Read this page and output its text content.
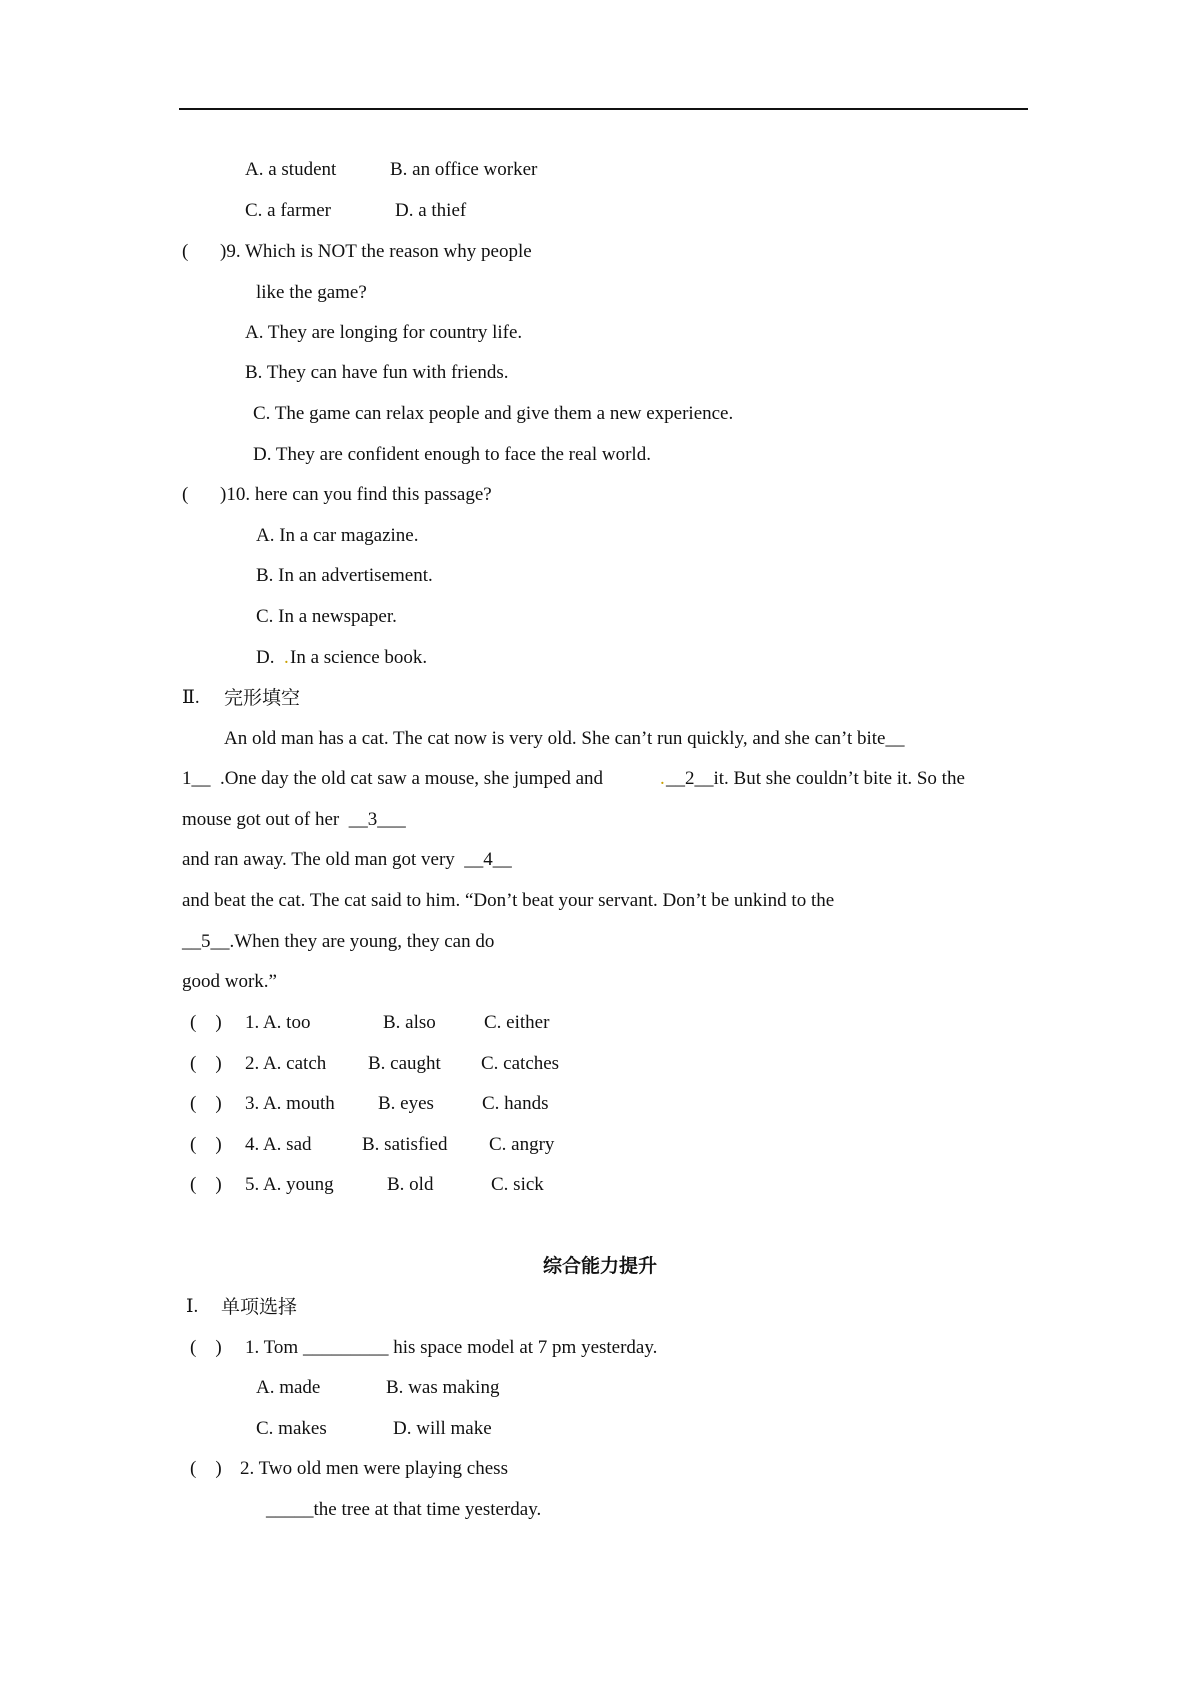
A. a student	B. an office worker
C. a farmer	D. a thief
( )9. Which is NOT the reason why people
like the game?
A. They are longing for country life.
B. They can have fun with friends.
C. The game can relax people and give them a new experience.
D. They are confident enough to face the real world.
( )10. here can you find this passage?
A. In a car magazine.
B. In an advertisement.
C. In a newspaper.
D. . In a science book.
Ⅱ. 完形填空
An old man has a cat. The cat now is very old. She can’t run quickly, and she can’t bite__
1__  .One day the old cat saw a mouse, she jumped and	. __2__it. But she couldn’t bite it. So the
mouse got out of her  __3___
and ran away. The old man got very  __4__
and beat the cat. The cat said to him. “Don’t beat your servant. Don’t be unkind to the
__5__.When they are young, they can do
good work.”
(    ) 1. A. too	B. also	C. either
(    ) 2. A. catch B. caught C. catches
(    ) 3. A. mouth B. eyes	C. hands
(    ) 4. A. sad	B. satisfied C. angry
(    ) 5. A. young	B. old	C. sick
综合能力提升
Ⅰ. 单项选择
(    ) 1. Tom _________ his space model at 7 pm yesterday.
A. made	B. was making
C. makes	D. will make
(    ) 2. Two old men were playing chess
_____the tree at that time yesterday.
